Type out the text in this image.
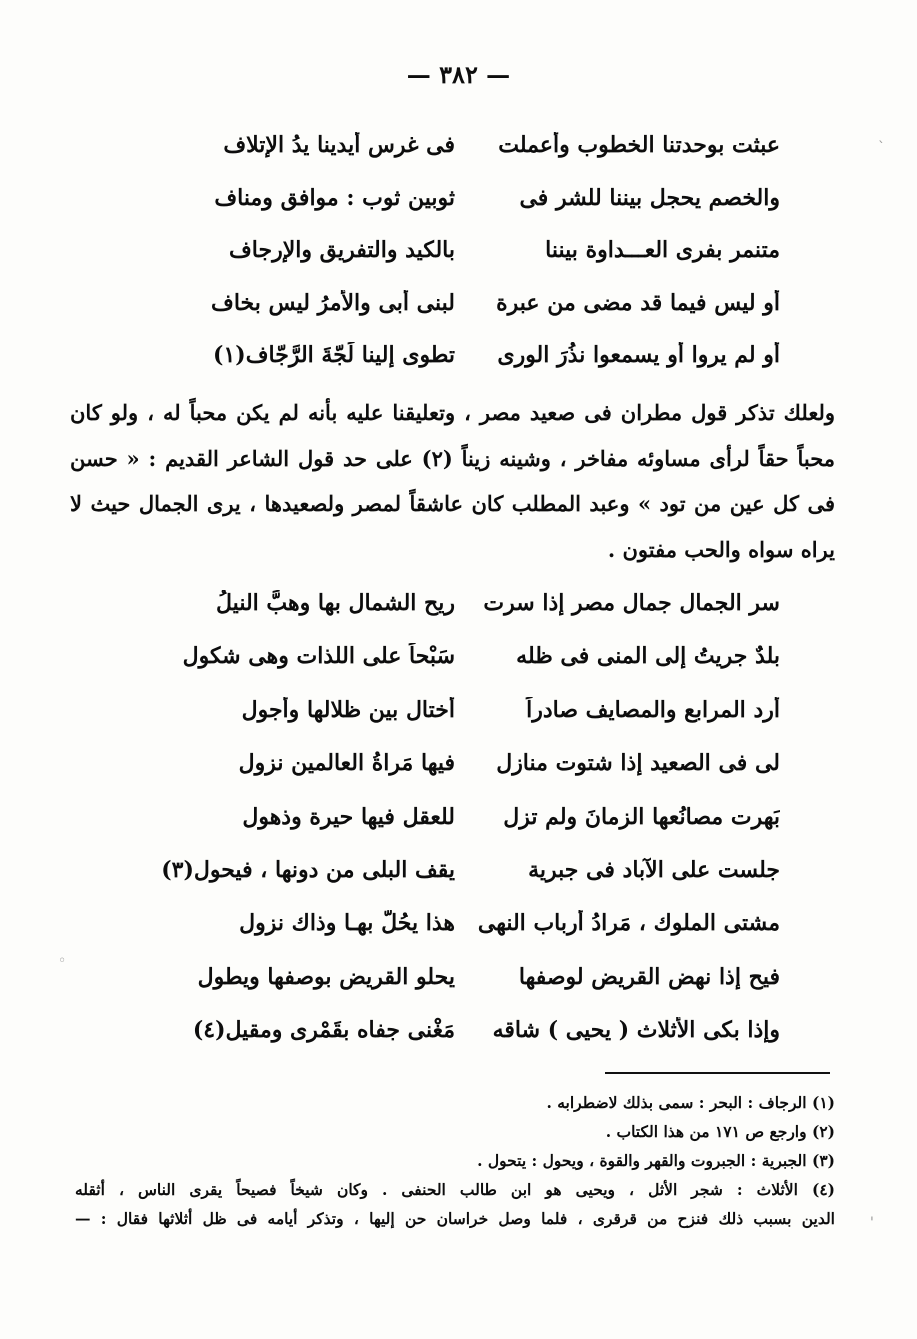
— ٣٨٢ —
عبثت بوحدتنا الخطوب وأعملت
فى غرس أيدينا يدُ الإتلاف
والخصم يحجل بيننا للشر فى
ثوبين ثوب : موافق ومناف
متنمر بفرى العـــداوة بيننا
بالكيد والتفريق والإرجاف
أو ليس فيما قد مضى من عبرة
لبنى أبى والأمرُ ليس بخاف
أو لم يروا أو يسمعوا نذُرَ الورى
تطوى إلينا لَجّةَ الرَّجّاف(١)
ولعلك تذكر قول مطران فى صعيد مصر ، وتعليقنا عليه بأنه لم يكن محباً له ، ولو كان محباً حقاً لرأى مساوئه مفاخر ، وشينه زيناً (٢) على حد قول الشاعر القديم : « حسن فى كل عين من تود » وعبد المطلب كان عاشقاً لمصر ولصعيدها ، يرى الجمال حيث لا يراه سواه والحب مفتون .
سر الجمال جمال مصر إذا سرت
ريح الشمال بها وهبَّ النيلُ
بلدٌ جريتُ إلى المنى فى ظله
سَبْحاً على اللذات وهى شكول
أرد المرابع والمصايف صادراً
أختال بين ظلالها وأجول
لى فى الصعيد إذا شتوت منازل
فيها مَراةُ العالمين نزول
بَهرت مصانُعها الزمانَ ولم تزل
للعقل فيها حيرة وذهول
جلست على الآباد فى جبرية
يقف البلى من دونها ، فيحول(٣)
مشتى الملوك ، مَرادُ أرباب النهى
هذا يحُلُّ بهـا وذاك نزول
فيح إذا نهض القريض لوصفها
يحلو القريض بوصفها ويطول
وإذا بكى الأثلاث ( يحيى ) شاقه
مَغْنى جفاه بقَمْرى ومقيل(٤)
(١) الرجاف : البحر : سمى بذلك لاضطرابه .
(٢) وارجع ص ١٧١ من هذا الكتاب .
(٣) الجبرية : الجبروت والقهر والقوة ، ويحول : يتحول .
(٤) الأثلاث : شجر الأثل ، ويحيى هو ابن طالب الحنفى . وكان شيخاً فصيحاً يقرى الناس ، أثقله
الدين بسبب ذلك فنزح من قرقرى ، فلما وصل خراسان حن إليها ، وتذكر أيامه فى ظل أثلاثها فقال : —
`
◦
'
